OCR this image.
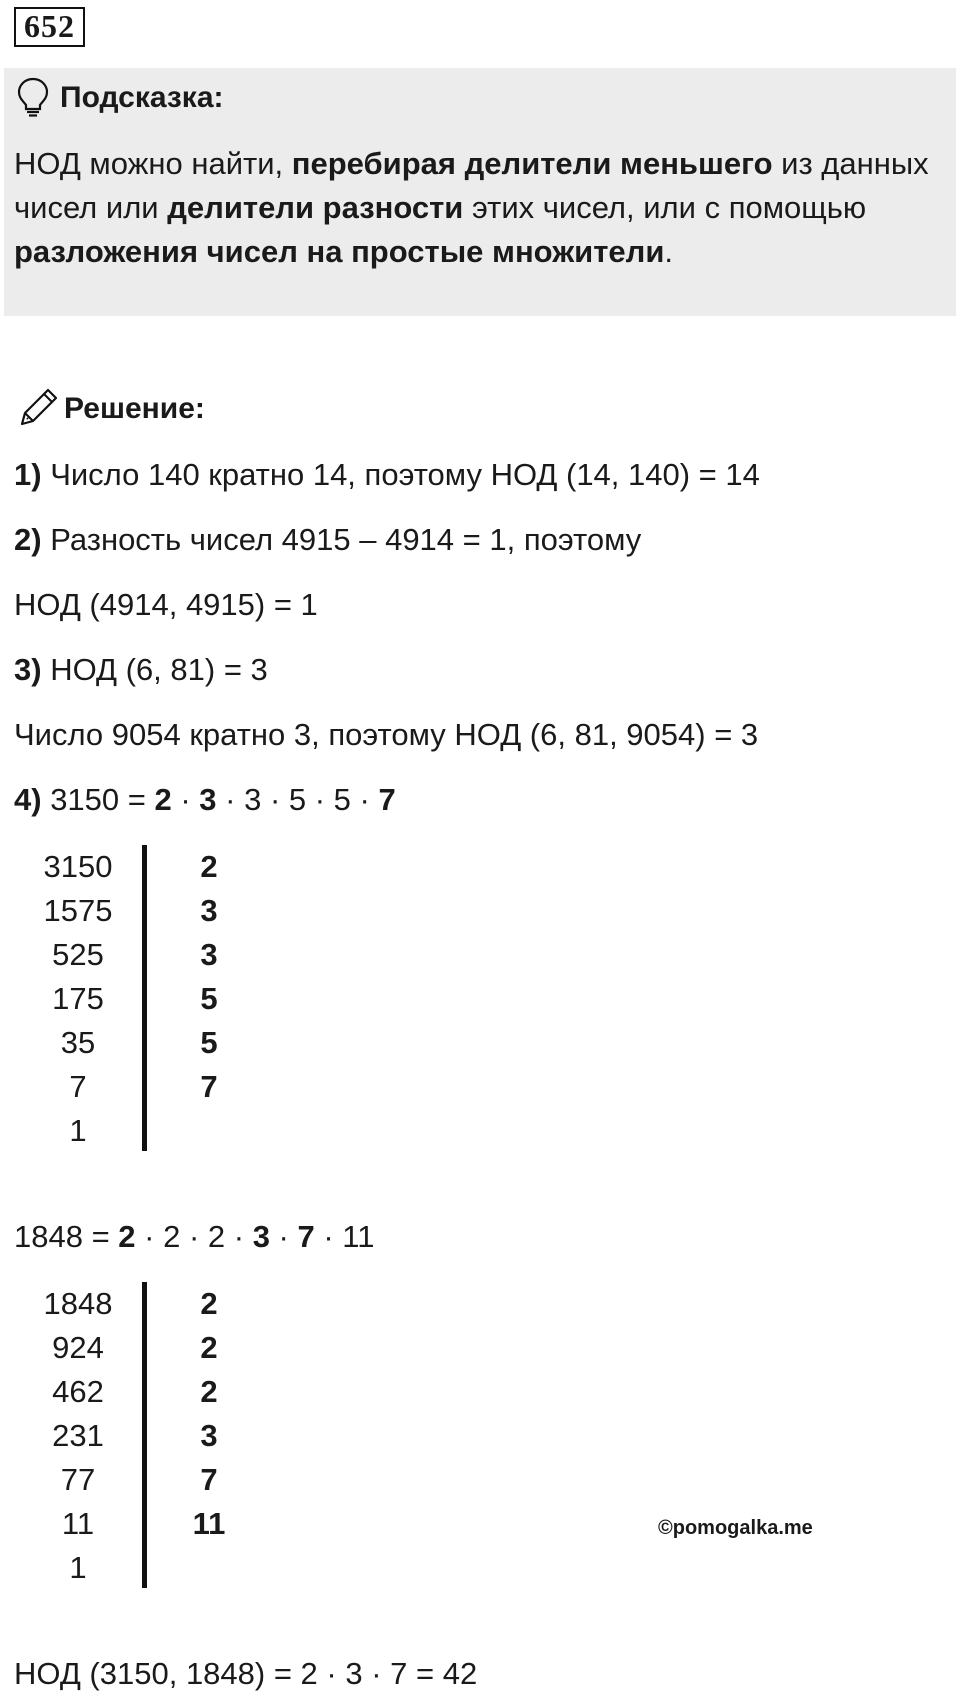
652
Подсказка:
НОД можно найти, перебирая делители меньшего из данных чисел или делители разности этих чисел, или с помощью разложения чисел на простые множители.
Решение:
1) Число 140 кратно 14, поэтому НОД (14, 140) = 14
2) Разность чисел 4915 – 4914 = 1, поэтому
НОД (4914, 4915) = 1
3) НОД (6, 81) = 3
Число 9054 кратно 3, поэтому НОД (6, 81, 9054) = 3
4) 3150 = 2 · 3 · 3 · 5 · 5 · 7
3150	2
1575	3
525	3
175	5
35	5
7	7
1
1848 = 2 · 2 · 2 · 3 · 7 · 11
1848	2
924	2
462	2
231	3
77	7
11	11
1
©pomogalka.me
НОД (3150, 1848) = 2 · 3 · 7 = 42
